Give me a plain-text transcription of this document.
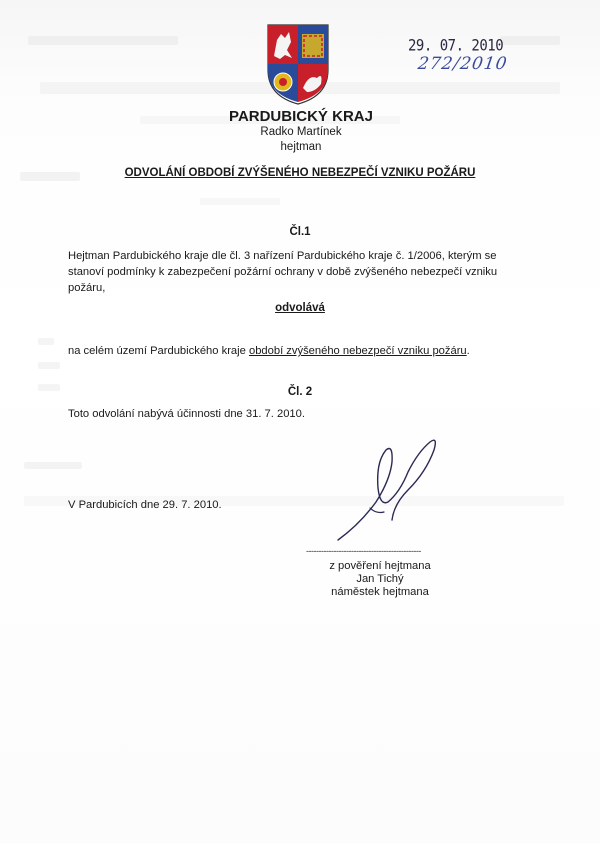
29. 07. 2010
272/2010
PARDUBICKÝ KRAJ
Radko Martínek
hejtman
ODVOLÁNÍ OBDOBÍ ZVÝŠENÉHO NEBEZPEČÍ VZNIKU POŽÁRU
Čl.1
Hejtman Pardubického kraje dle čl. 3 nařízení Pardubického kraje č. 1/2006, kterým se
stanoví podmínky k zabezpečení požární ochrany v době zvýšeného nebezpečí vzniku
požáru,
odvolává
na celém území Pardubického kraje období zvýšeného nebezpečí vzniku požáru.
Čl. 2
Toto odvolání nabývá účinnosti dne 31. 7. 2010.
V Pardubicích dne 29. 7. 2010.
----------------------------------------------
z pověření hejtmana
Jan Tichý
náměstek hejtmana
